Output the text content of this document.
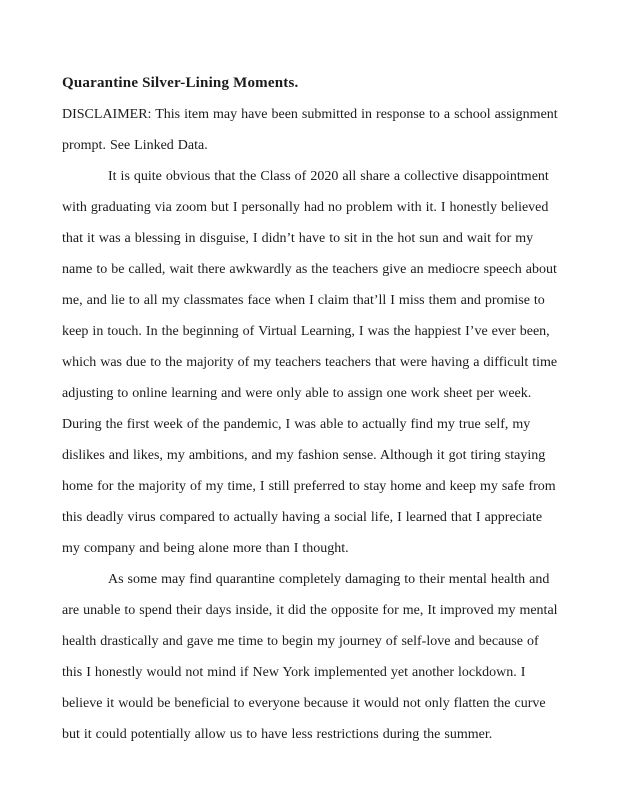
Quarantine Silver-Lining Moments.

DISCLAIMER: This item may have been submitted in response to a school assignment prompt. See Linked Data.

It is quite obvious that the Class of 2020 all share a collective disappointment with graduating via zoom but I personally had no problem with it. I honestly believed that it was a blessing in disguise, I didn’t have to sit in the hot sun and wait for my name to be called, wait there awkwardly as the teachers give an mediocre speech about me, and lie to all my classmates face when I claim that’ll I miss them and promise to keep in touch. In the beginning of Virtual Learning, I was the happiest I’ve ever been, which was due to the majority of my teachers teachers that were having a difficult time adjusting to online learning and were only able to assign one work sheet per week. During the first week of the pandemic, I was able to actually find my true self, my dislikes and likes, my ambitions, and my fashion sense. Although it got tiring staying home for the majority of my time, I still preferred to stay home and keep my safe from this deadly virus compared to actually having a social life, I learned that I appreciate my company and being alone more than I thought.

As some may find quarantine completely damaging to their mental health and are unable to spend their days inside, it did the opposite for me, It improved my mental health drastically and gave me time to begin my journey of self-love and because of this I honestly would not mind if New York implemented yet another lockdown. I believe it would be beneficial to everyone because it would not only flatten the curve but it could potentially allow us to have less restrictions during the summer.
